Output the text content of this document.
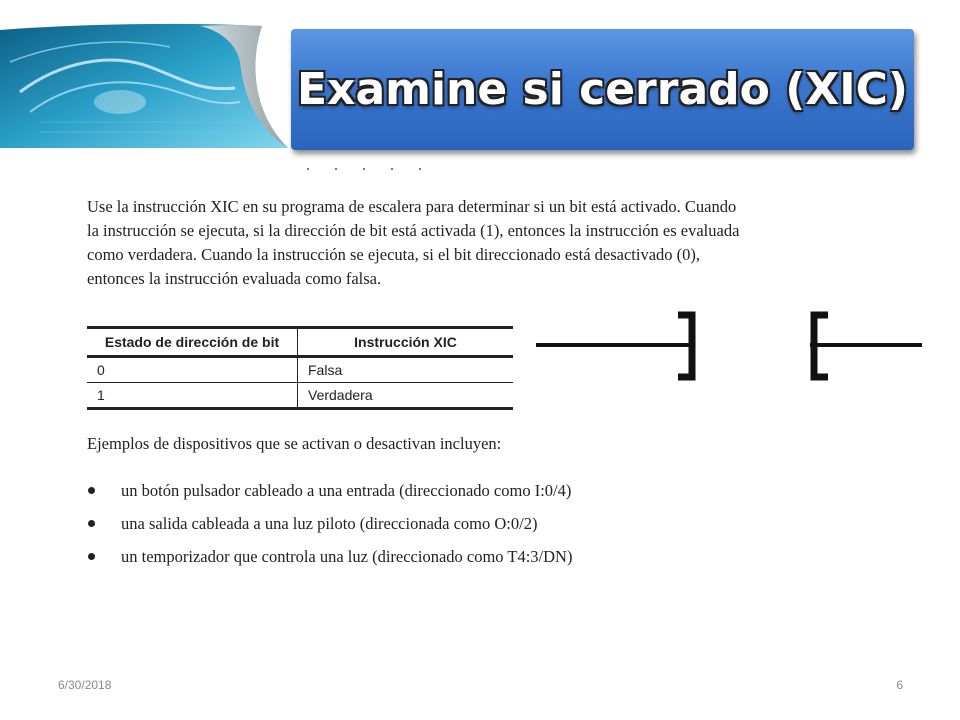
Examine si cerrado (XIC)

Use la instrucción XIC en su programa de escalera para determinar si un bit está activado. Cuando la instrucción se ejecuta, si la dirección de bit está activada (1), entonces la instrucción es evaluada como verdadera. Cuando la instrucción se ejecuta, si el bit direccionado está desactivado (0), entonces la instrucción evaluada como falsa.

Estado de dirección de bit	Instrucción XIC
0	Falsa
1	Verdadera

Ejemplos de dispositivos que se activan o desactivan incluyen:

un botón pulsador cableado a una entrada (direccionado como I:0/4)
una salida cableada a una luz piloto (direccionada como O:0/2)
un temporizador que controla una luz (direccionado como T4:3/DN)
6/30/2018	6
